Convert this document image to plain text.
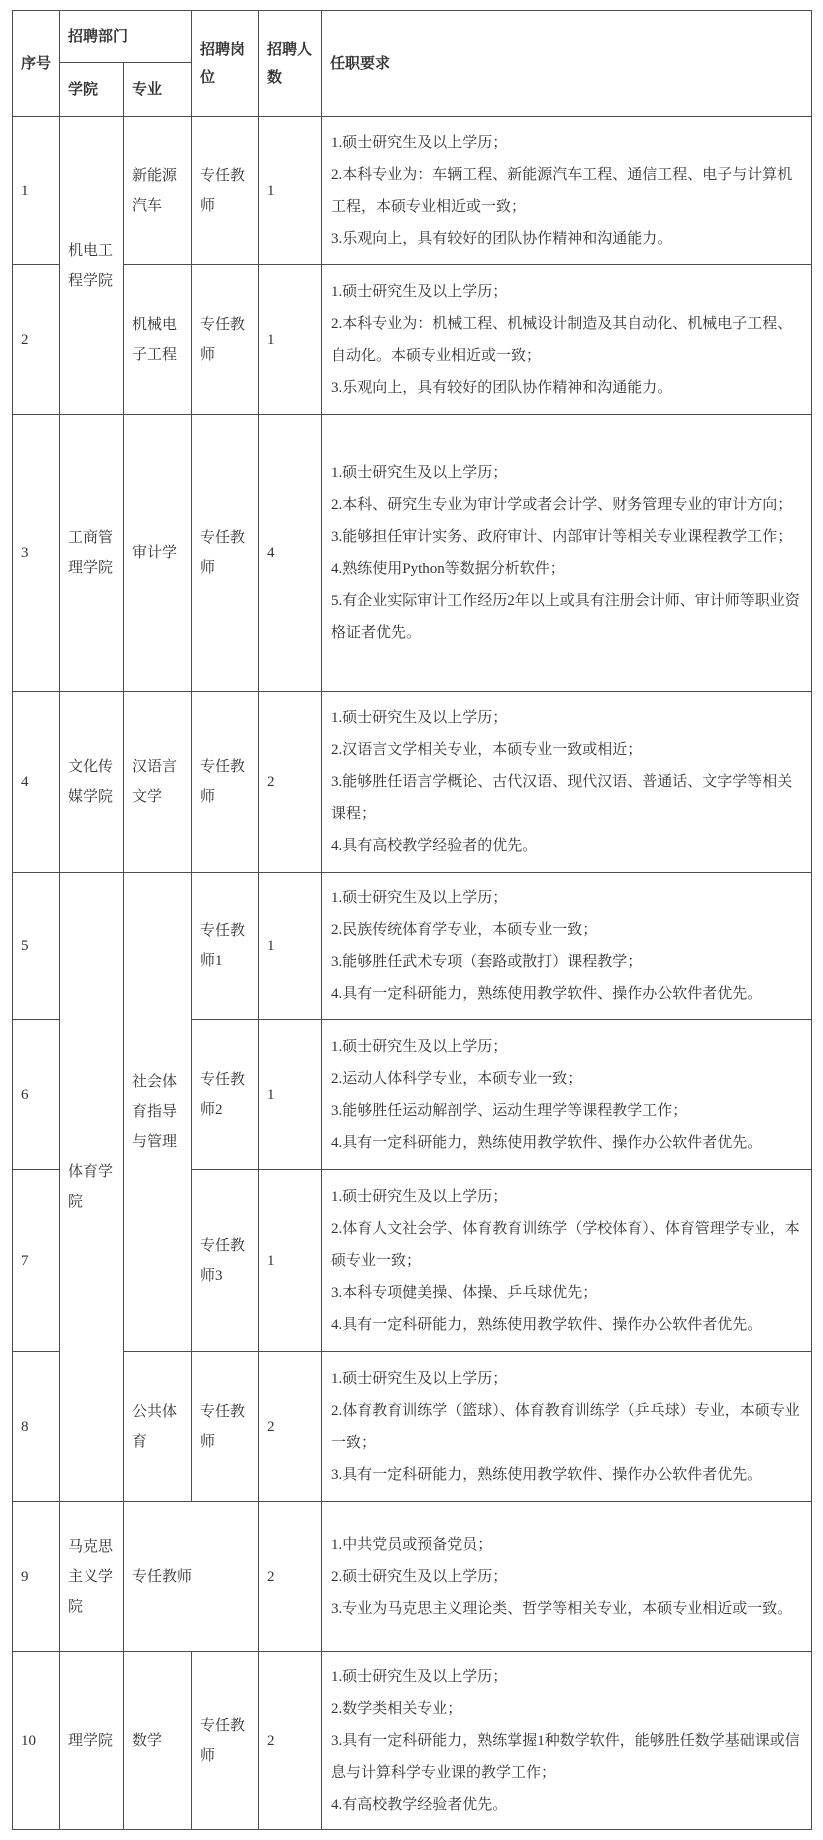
序号	招聘部门		招聘岗位	招聘人数	任职要求
	学院	专业			
1	机电工程学院	新能源汽车	专任教师	1	1.硕士研究生及以上学历；

2.本科专业为：车辆工程、新能源汽车工程、通信工程、电子与计算机工程，本硕专业相近或一致；

3.乐观向上，具有较好的团队协作精神和沟通能力。

2		机械电子工程	专任教师	1	1.硕士研究生及以上学历；

2.本科专业为：机械工程、机械设计制造及其自动化、机械电子工程、自动化。本硕专业相近或一致；

3.乐观向上，具有较好的团队协作精神和沟通能力。

3	工商管理学院	审计学	专任教师	4	1.硕士研究生及以上学历；

2.本科、研究生专业为审计学或者会计学、财务管理专业的审计方向；

3.能够担任审计实务、政府审计、内部审计等相关专业课程教学工作；

4.熟练使用Python等数据分析软件；

5.有企业实际审计工作经历2年以上或具有注册会计师、审计师等职业资格证者优先。

4	文化传媒学院	汉语言文学	专任教师	2	1.硕士研究生及以上学历；

2.汉语言文学相关专业，本硕专业一致或相近；

3.能够胜任语言学概论、古代汉语、现代汉语、普通话、文字学等相关课程；

4.具有高校教学经验者的优先。

5	体育学院	社会体育指导与管理	专任教师1	1	1.硕士研究生及以上学历；

2.民族传统体育学专业，本硕专业一致；

3.能够胜任武术专项（套路或散打）课程教学；

4.具有一定科研能力，熟练使用教学软件、操作办公软件者优先。

6			专任教师2	1	1.硕士研究生及以上学历；

2.运动人体科学专业，本硕专业一致；

3.能够胜任运动解剖学、运动生理学等课程教学工作；

4.具有一定科研能力，熟练使用教学软件、操作办公软件者优先。

7			专任教师3	1	1.硕士研究生及以上学历；

2.体育人文社会学、体育教育训练学（学校体育）、体育管理学专业，本硕专业一致；

3.本科专项健美操、体操、乒乓球优先；

4.具有一定科研能力，熟练使用教学软件、操作办公软件者优先。

8		公共体育	专任教师	2	1.硕士研究生及以上学历；

2.体育教育训练学（篮球）、体育教育训练学（乒乓球）专业，本硕专业一致；

3.具有一定科研能力，熟练使用教学软件、操作办公软件者优先。

9	马克思主义学院	专任教师		2	1.中共党员或预备党员；

2.硕士研究生及以上学历；

3.专业为马克思主义理论类、哲学等相关专业，本硕专业相近或一致。

10	理学院	数学	专任教师	2	1.硕士研究生及以上学历；

2.数学类相关专业；

3.具有一定科研能力，熟练掌握1种数学软件，能够胜任数学基础课或信息与计算科学专业课的教学工作；

4.有高校教学经验者优先。
